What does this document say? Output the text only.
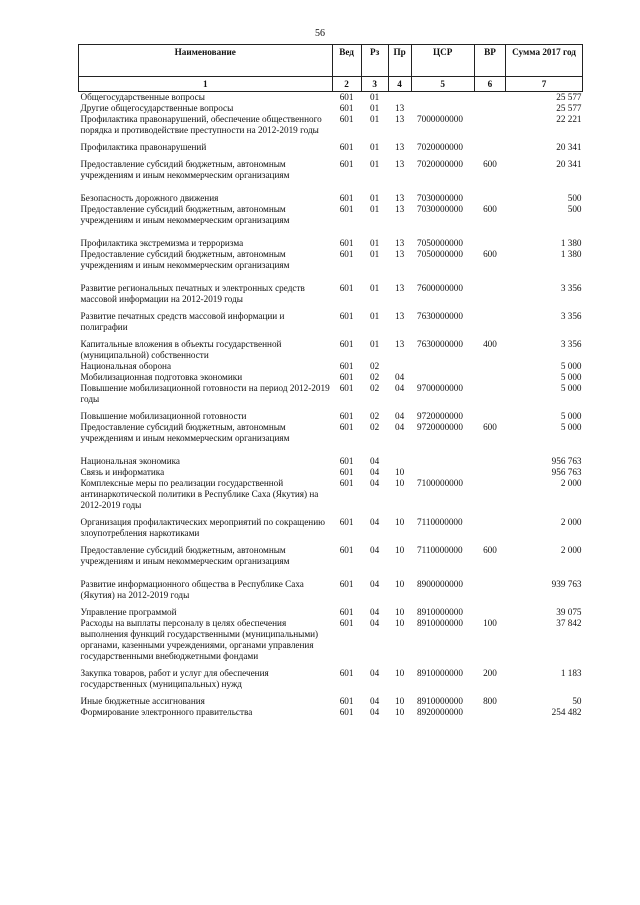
56
Наименование	Вед	Рз	Пр	ЦСР	ВР	Сумма 2017 год
1	2	3	4	5	6	7
Общегосударственные вопросы	601	01				25 577
Другие общегосударственные вопросы	601	01	13			25 577
Профилактика правонарушений, обеспечение общественного порядка и противодействие преступности на 2012-2019 годы	601	01	13	7000000000		22 221

Профилактика правонарушений	601	01	13	7020000000		20 341

Предоставление субсидий бюджетным, автономным учреждениям и иным некоммерческим организациям	601	01	13	7020000000	600	20 341

Безопасность дорожного движения	601	01	13	7030000000		500
Предоставление субсидий бюджетным, автономным учреждениям и иным некоммерческим организациям	601	01	13	7030000000	600	500

Профилактика экстремизма и терроризма	601	01	13	7050000000		1 380
Предоставление субсидий бюджетным, автономным учреждениям и иным некоммерческим организациям	601	01	13	7050000000	600	1 380

Развитие региональных печатных и электронных средств массовой информации на 2012-2019 годы	601	01	13	7600000000		3 356

Развитие печатных средств массовой информации и полиграфии	601	01	13	7630000000		3 356

Капитальные вложения в объекты государственной (муниципальной) собственности	601	01	13	7630000000	400	3 356
Национальная оборона	601	02				5 000
Мобилизационная подготовка экономики	601	02	04			5 000
Повышение мобилизационной готовности на период 2012-2019 годы	601	02	04	9700000000		5 000

Повышение мобилизационной готовности	601	02	04	9720000000		5 000
Предоставление субсидий бюджетным, автономным учреждениям и иным некоммерческим организациям	601	02	04	9720000000	600	5 000

Национальная экономика	601	04				956 763
Связь и информатика	601	04	10			956 763
Комплексные меры по реализации государственной антинаркотической политики в Республике Саха (Якутия) на 2012-2019 годы	601	04	10	7100000000		2 000

Организация профилактических мероприятий по сокращению злоупотребления наркотиками	601	04	10	7110000000		2 000

Предоставление субсидий бюджетным, автономным учреждениям и иным некоммерческим организациям	601	04	10	7110000000	600	2 000

Развитие информационного общества в Республике Саха (Якутия) на 2012-2019 годы	601	04	10	8900000000		939 763

Управление программой	601	04	10	8910000000		39 075
Расходы на выплаты персоналу в целях обеспечения выполнения функций государственными (муниципальными) органами, казенными учреждениями, органами управления государственными внебюджетными фондами	601	04	10	8910000000	100	37 842

Закупка товаров, работ и услуг для обеспечения государственных (муниципальных) нужд	601	04	10	8910000000	200	1 183

Иные бюджетные ассигнования	601	04	10	8910000000	800	50
Формирование электронного правительства	601	04	10	8920000000		254 482
